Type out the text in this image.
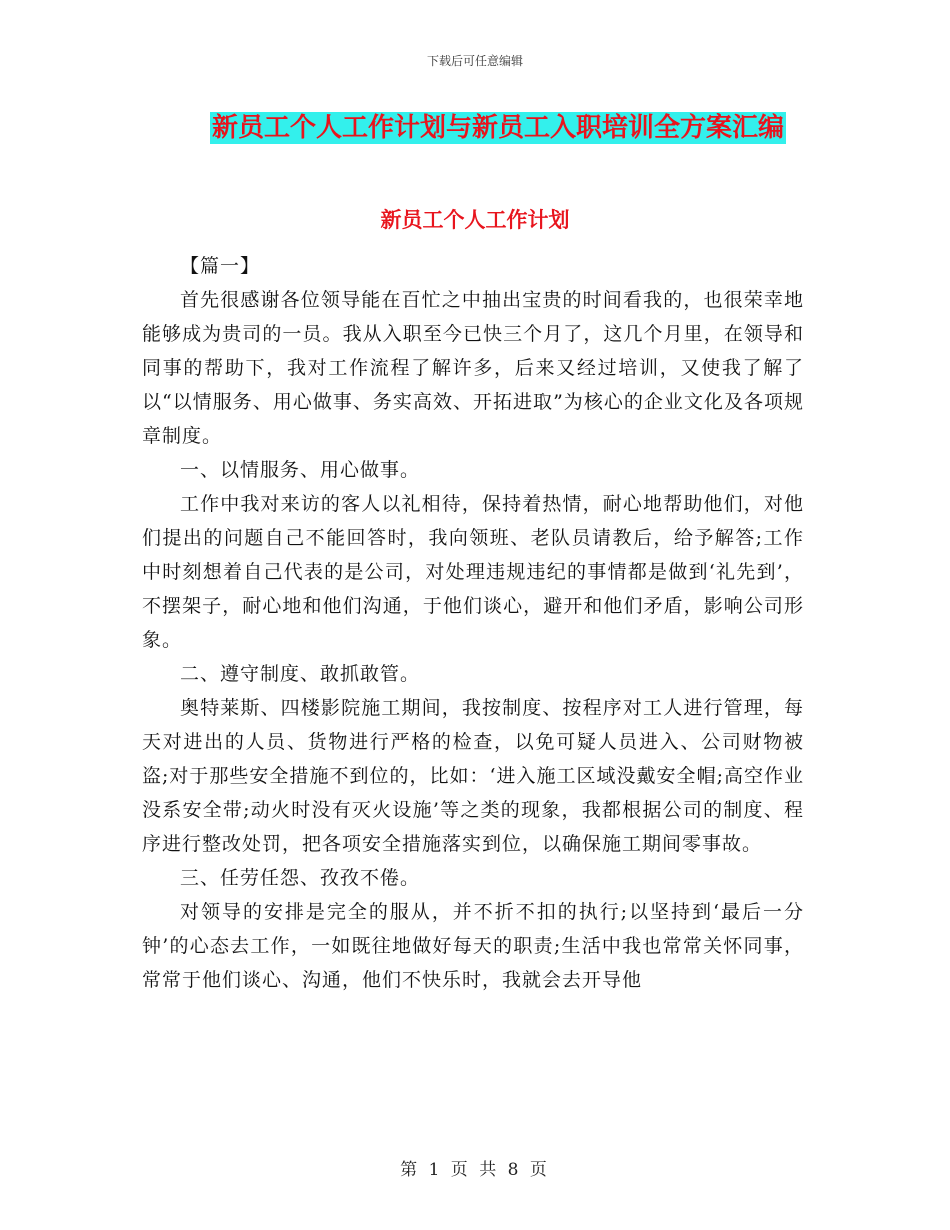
下载后可任意编辑
新员工个人工作计划与新员工入职培训全方案汇编
新员工个人工作计划

【篇一】

首先很感谢各位领导能在百忙之中抽出宝贵的时间看我的，也很荣幸地能够成为贵司的一员。我从入职至今已快三个月了，这几个月里，在领导和同事的帮助下，我对工作流程了解许多，后来又经过培训，又使我了解了以“以情服务、用心做事、务实高效、开拓进取”为核心的企业文化及各项规章制度。

一、以情服务、用心做事。

工作中我对来访的客人以礼相待，保持着热情，耐心地帮助他们，对他们提出的问题自己不能回答时，我向领班、老队员请教后，给予解答;工作中时刻想着自己代表的是公司，对处理违规违纪的事情都是做到‘礼先到’，不摆架子，耐心地和他们沟通，于他们谈心，避开和他们矛盾，影响公司形象。

二、遵守制度、敢抓敢管。

奥特莱斯、四楼影院施工期间，我按制度、按程序对工人进行管理，每天对进出的人员、货物进行严格的检查，以免可疑人员进入、公司财物被盗;对于那些安全措施不到位的，比如：‘进入施工区域没戴安全帽;高空作业没系安全带;动火时没有灭火设施’等之类的现象，我都根据公司的制度、程序进行整改处罚，把各项安全措施落实到位，以确保施工期间零事故。

三、任劳任怨、孜孜不倦。

对领导的安排是完全的服从，并不折不扣的执行;以坚持到‘最后一分钟’的心态去工作，一如既往地做好每天的职责;生活中我也常常关怀同事，常常于他们谈心、沟通，他们不快乐时，我就会去开导他

第 1 页 共 8 页
